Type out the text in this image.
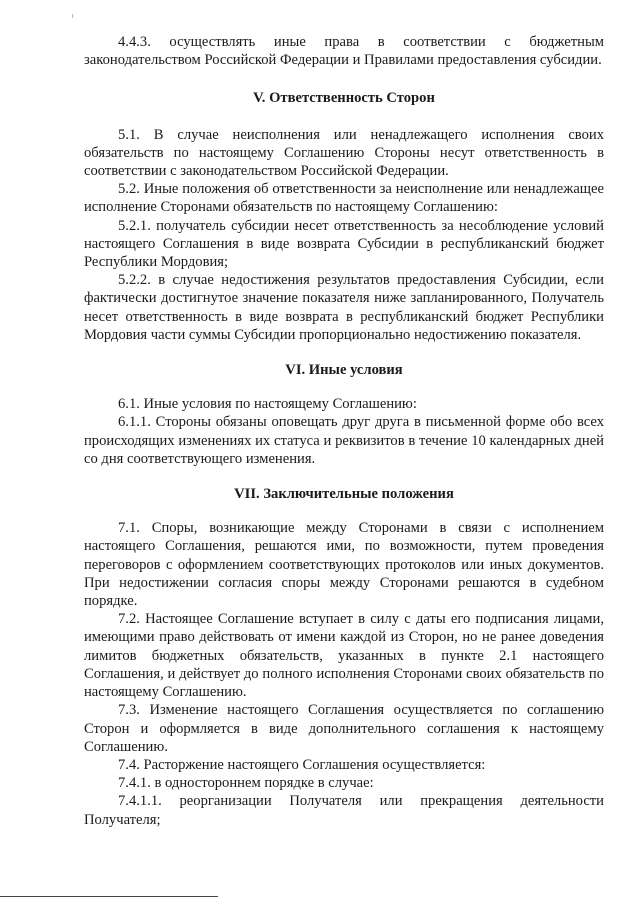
4.4.3. осуществлять иные права в соответствии с бюджетным законодательством Российской Федерации и Правилами предоставления субсидии.

V. Ответственность Сторон

5.1. В случае неисполнения или ненадлежащего исполнения своих обязательств по настоящему Соглашению Стороны несут ответственность в соответствии с законодательством Российской Федерации.

5.2. Иные положения об ответственности за неисполнение или ненадлежащее исполнение Сторонами обязательств по настоящему Соглашению:

5.2.1. получатель субсидии несет ответственность за несоблюдение условий настоящего Соглашения в виде возврата Субсидии в республиканский бюджет Республики Мордовия;

5.2.2. в случае недостижения результатов предоставления Субсидии, если фактически достигнутое значение показателя ниже запланированного, Получатель несет ответственность в виде возврата в республиканский бюджет Республики Мордовия части суммы Субсидии пропорционально недостижению показателя.

VI. Иные условия

6.1. Иные условия по настоящему Соглашению:

6.1.1. Стороны обязаны оповещать друг друга в письменной форме обо всех происходящих изменениях их статуса и реквизитов в течение 10 календарных дней со дня соответствующего изменения.

VII. Заключительные положения

7.1. Споры, возникающие между Сторонами в связи с исполнением настоящего Соглашения, решаются ими, по возможности, путем проведения переговоров с оформлением соответствующих протоколов или иных документов. При недостижении согласия споры между Сторонами решаются в судебном порядке.

7.2. Настоящее Соглашение вступает в силу с даты его подписания лицами, имеющими право действовать от имени каждой из Сторон, но не ранее доведения лимитов бюджетных обязательств, указанных в пункте 2.1 настоящего Соглашения, и действует до полного исполнения Сторонами своих обязательств по настоящему Соглашению.

7.3. Изменение настоящего Соглашения осуществляется по соглашению Сторон и оформляется в виде дополнительного соглашения к настоящему Соглашению.

7.4. Расторжение настоящего Соглашения осуществляется:

7.4.1. в одностороннем порядке в случае:

7.4.1.1. реорганизации Получателя или прекращения деятельности Получателя;
